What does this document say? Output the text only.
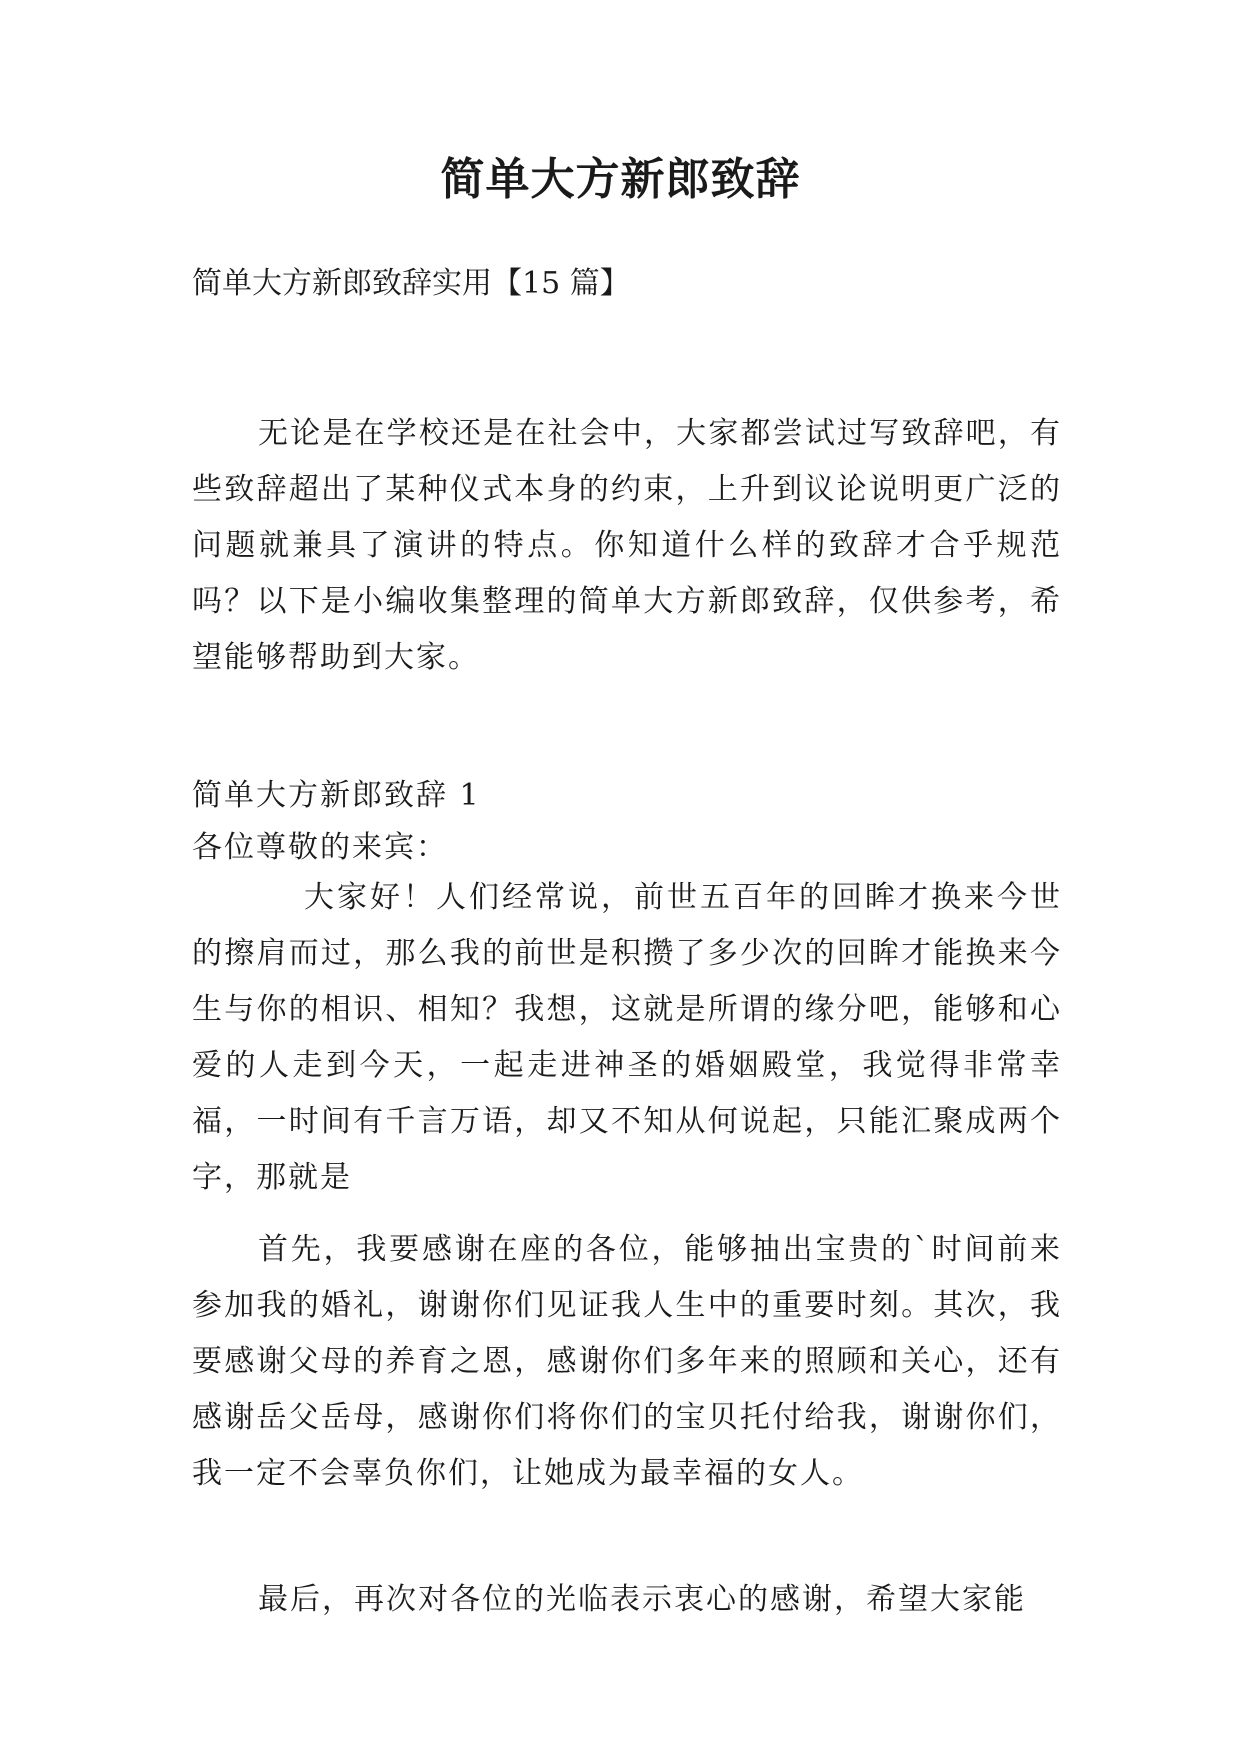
简单大方新郎致辞

简单大方新郎致辞实用【15 篇】

无论是在学校还是在社会中，大家都尝试过写致辞吧，有些致辞超出了某种仪式本身的约束，上升到议论说明更广泛的问题就兼具了演讲的特点。你知道什么样的致辞才合乎规范吗？以下是小编收集整理的简单大方新郎致辞，仅供参考，希望能够帮助到大家。

简单大方新郎致辞 1

各位尊敬的来宾：

大家好！人们经常说，前世五百年的回眸才换来今世的擦肩而过，那么我的前世是积攒了多少次的回眸才能换来今生与你的相识、相知？我想，这就是所谓的缘分吧，能够和心爱的人走到今天，一起走进神圣的婚姻殿堂，我觉得非常幸福，一时间有千言万语，却又不知从何说起，只能汇聚成两个字，那就是

首先，我要感谢在座的各位，能够抽出宝贵的`时间前来参加我的婚礼，谢谢你们见证我人生中的重要时刻。其次，我要感谢父母的养育之恩，感谢你们多年来的照顾和关心，还有感谢岳父岳母，感谢你们将你们的宝贝托付给我，谢谢你们，我一定不会辜负你们，让她成为最幸福的女人。

最后，再次对各位的光临表示衷心的感谢，希望大家能
